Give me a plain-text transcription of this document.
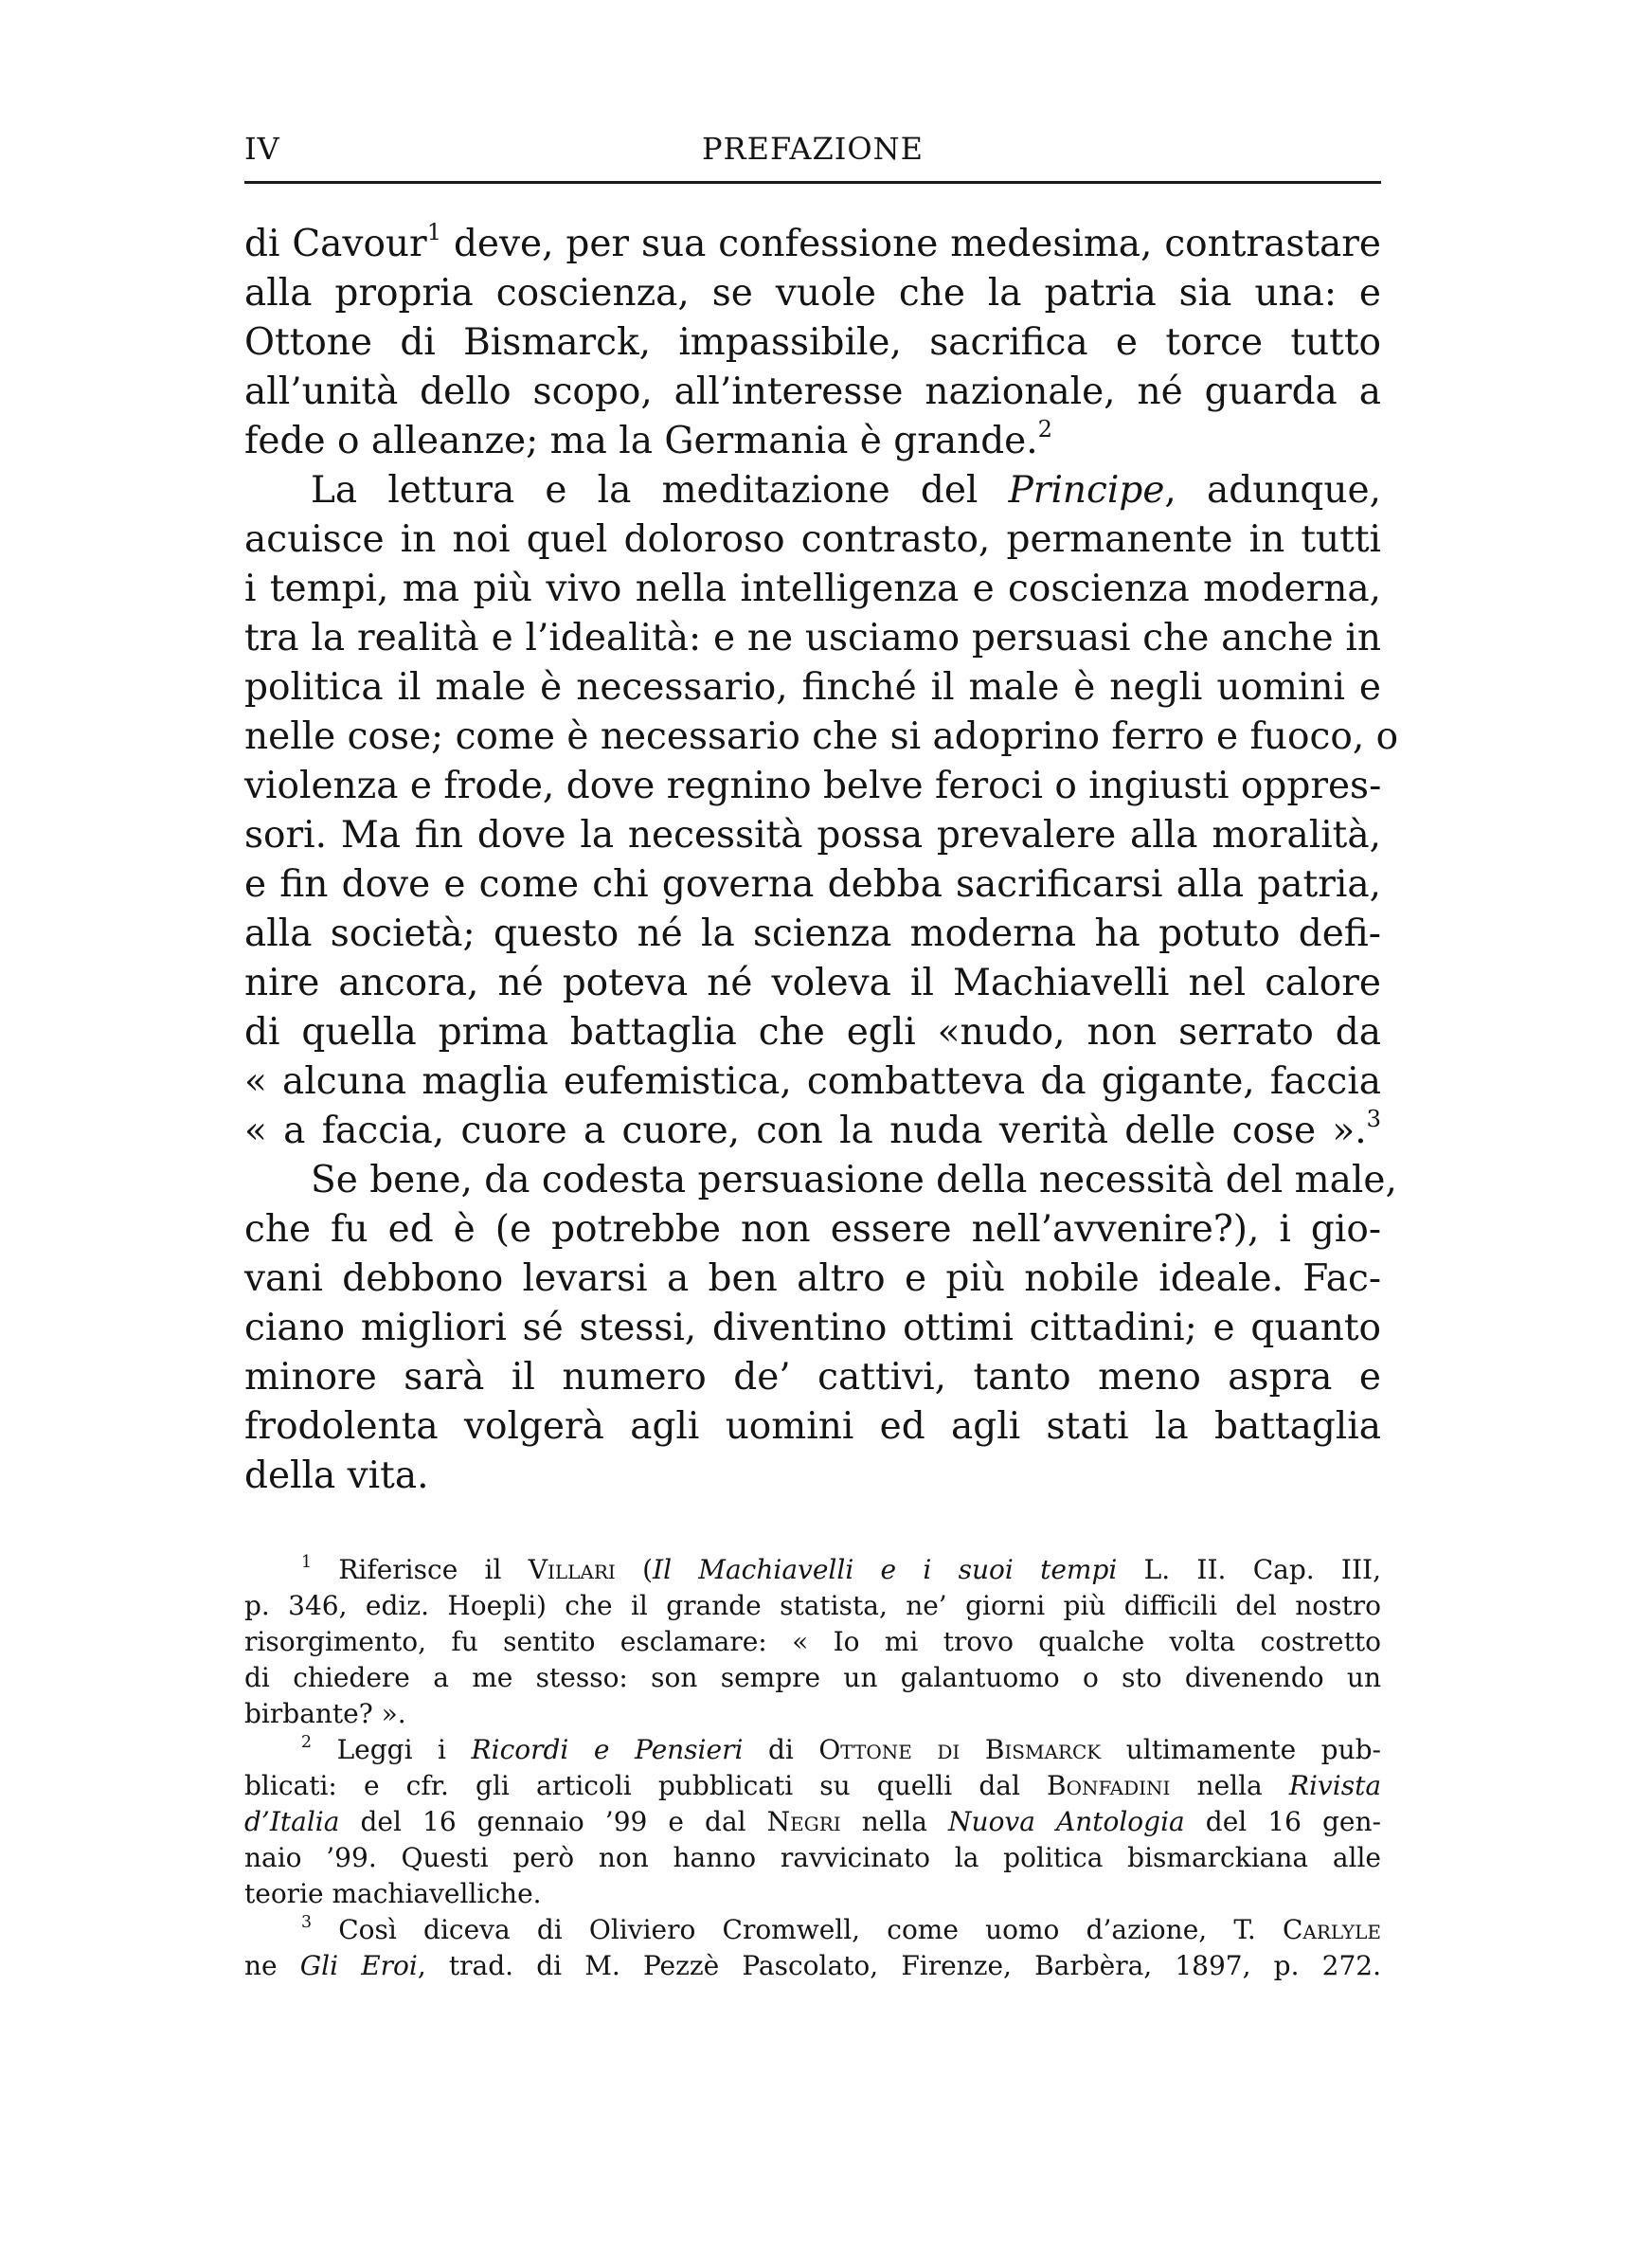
IV	PREFAZIONE
di Cavour$^1$ deve, per sua confessione medesima, contrastare
alla propria coscienza, se vuole che la patria sia una: e
Ottone di Bismarck, impassibile, sacrifica e torce tutto
all’unità dello scopo, all’interesse nazionale, né guarda a
fede o alleanze; ma la Germania è grande.$^2$
La lettura e la meditazione del Principe, adunque,
acuisce in noi quel doloroso contrasto, permanente in tutti
i tempi, ma più vivo nella intelligenza e coscienza moderna,
tra la realità e l’idealità: e ne usciamo persuasi che anche in
politica il male è necessario, finché il male è negli uomini e
nelle cose; come è necessario che si adoprino ferro e fuoco, o
violenza e frode, dove regnino belve feroci o ingiusti oppres-
sori. Ma fin dove la necessità possa prevalere alla moralità,
e fin dove e come chi governa debba sacrificarsi alla patria,
alla società; questo né la scienza moderna ha potuto defi-
nire ancora, né poteva né voleva il Machiavelli nel calore
di quella prima battaglia che egli «nudo, non serrato da
« alcuna maglia eufemistica, combatteva da gigante, faccia
« a faccia, cuore a cuore, con la nuda verità delle cose ».$^3$
Se bene, da codesta persuasione della necessità del male,
che fu ed è (e potrebbe non essere nell’avvenire?), i gio-
vani debbono levarsi a ben altro e più nobile ideale. Fac-
ciano migliori sé stessi, diventino ottimi cittadini; e quanto
minore sarà il numero de’ cattivi, tanto meno aspra e
frodolenta volgerà agli uomini ed agli stati la battaglia
della vita.
$^1$ Riferisce il Villari (Il Machiavelli e i suoi tempi L. II. Cap. III,
p. 346, ediz. Hoepli) che il grande statista, ne’ giorni più difficili del nostro
risorgimento, fu sentito esclamare: « Io mi trovo qualche volta costretto
di chiedere a me stesso: son sempre un galantuomo o sto divenendo un
birbante? ».
$^2$ Leggi i Ricordi e Pensieri di Ottone di Bismarck ultimamente pub-
blicati: e cfr. gli articoli pubblicati su quelli dal Bonfadini nella Rivista
d’Italia del 16 gennaio ’99 e dal Negri nella Nuova Antologia del 16 gen-
naio ’99. Questi però non hanno ravvicinato la politica bismarckiana alle
teorie machiavelliche.
$^3$ Così diceva di Oliviero Cromwell, come uomo d’azione, T. Carlyle
ne Gli Eroi, trad. di M. Pezzè Pascolato, Firenze, Barbèra, 1897, p. 272.
